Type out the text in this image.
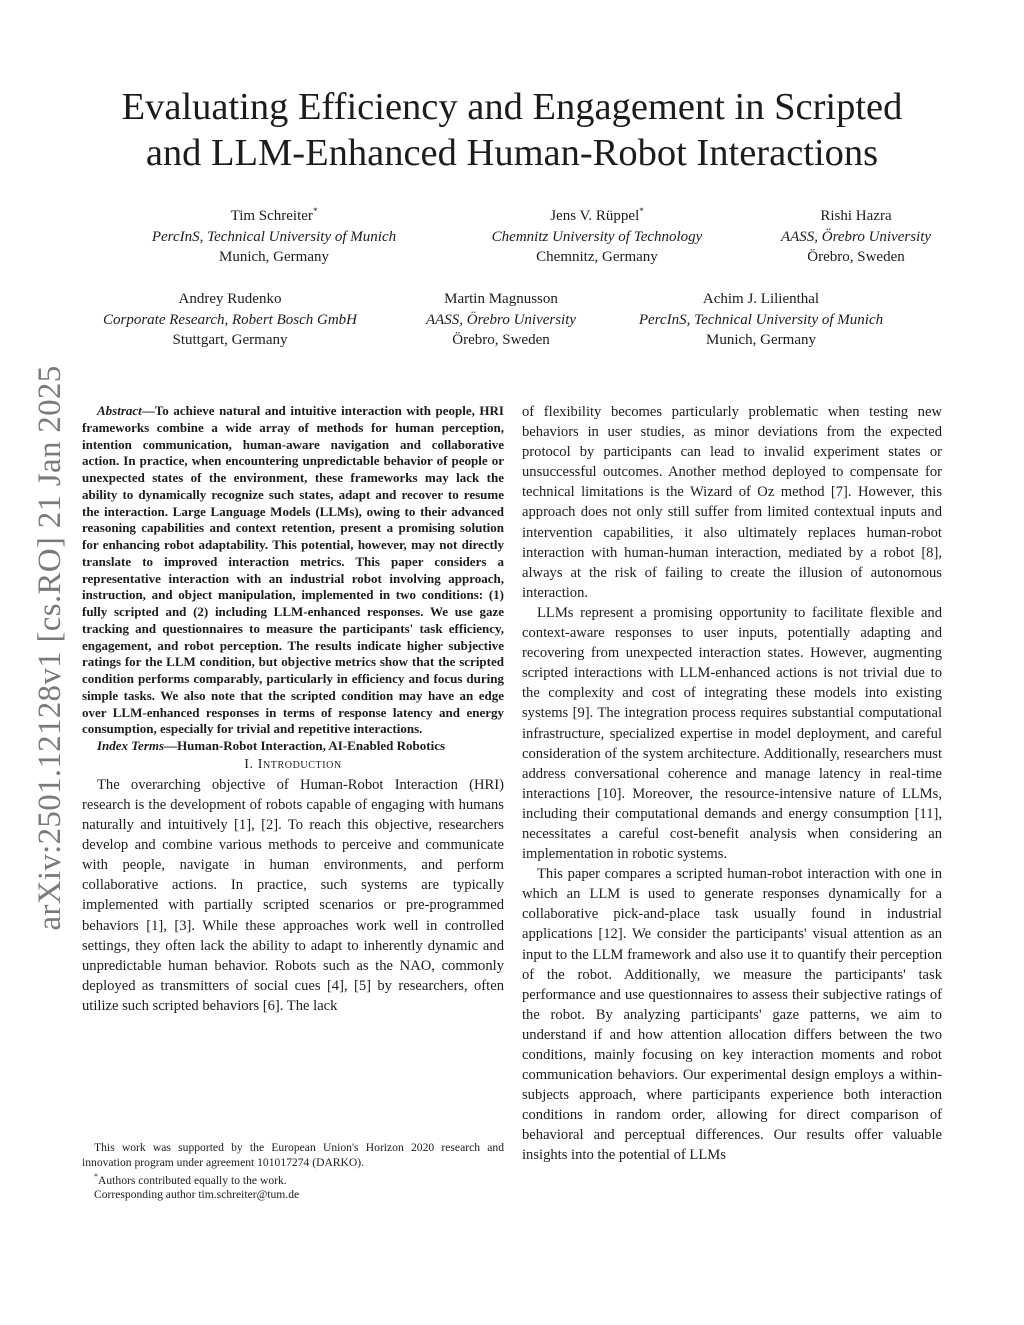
Evaluating Efficiency and Engagement in Scripted
and LLM-Enhanced Human-Robot Interactions
Tim Schreiter*
PercInS, Technical University of Munich
Munich, Germany
Jens V. Rüppel*
Chemnitz University of Technology
Chemnitz, Germany
Rishi Hazra
AASS, Örebro University
Örebro, Sweden
Andrey Rudenko
Corporate Research, Robert Bosch GmbH
Stuttgart, Germany
Martin Magnusson
AASS, Örebro University
Örebro, Sweden
Achim J. Lilienthal
PercInS, Technical University of Munich
Munich, Germany
arXiv:2501.12128v1 [cs.RO] 21 Jan 2025	Abstract—To achieve natural and intuitive interaction with people, HRI frameworks combine a wide array of methods for human perception, intention communication, human-aware navigation and collaborative action. In practice, when encountering unpredictable behavior of people or unexpected states of the environment, these frameworks may lack the ability to dynamically recognize such states, adapt and recover to resume the interaction. Large Language Models (LLMs), owing to their advanced reasoning capabilities and context retention, present a promising solution for enhancing robot adaptability. This potential, however, may not directly translate to improved interaction metrics. This paper considers a representative interaction with an industrial robot involving approach, instruction, and object manipulation, implemented in two conditions: (1) fully scripted and (2) including LLM-enhanced responses. We use gaze tracking and questionnaires to measure the participants' task efficiency, engagement, and robot perception. The results indicate higher subjective ratings for the LLM condition, but objective metrics show that the scripted condition performs comparably, particularly in efficiency and focus during simple tasks. We also note that the scripted condition may have an edge over LLM-enhanced responses in terms of response latency and energy consumption, especially for trivial and repetitive interactions.

Index Terms—Human-Robot Interaction, AI-Enabled Robotics

I. Introduction

The overarching objective of Human-Robot Interaction (HRI) research is the development of robots capable of engaging with humans naturally and intuitively [1], [2]. To reach this objective, researchers develop and combine various methods to perceive and communicate with people, navigate in human environments, and perform collaborative actions. In practice, such systems are typically implemented with partially scripted scenarios or pre-programmed behaviors [1], [3]. While these approaches work well in controlled settings, they often lack the ability to adapt to inherently dynamic and unpredictable human behavior. Robots such as the NAO, commonly deployed as transmitters of social cues [4], [5] by researchers, often utilize such scripted behaviors [6]. The lack

This work was supported by the European Union's Horizon 2020 research and innovation program under agreement 101017274 (DARKO).

*Authors contributed equally to the work.

Corresponding author tim.schreiter@tum.de

of flexibility becomes particularly problematic when testing new behaviors in user studies, as minor deviations from the expected protocol by participants can lead to invalid experiment states or unsuccessful outcomes. Another method deployed to compensate for technical limitations is the Wizard of Oz method [7]. However, this approach does not only still suffer from limited contextual inputs and intervention capabilities, it also ultimately replaces human-robot interaction with human-human interaction, mediated by a robot [8], always at the risk of failing to create the illusion of autonomous interaction.

LLMs represent a promising opportunity to facilitate flexible and context-aware responses to user inputs, potentially adapting and recovering from unexpected interaction states. However, augmenting scripted interactions with LLM-enhanced actions is not trivial due to the complexity and cost of integrating these models into existing systems [9]. The integration process requires substantial computational infrastructure, specialized expertise in model deployment, and careful consideration of the system architecture. Additionally, researchers must address conversational coherence and manage latency in real-time interactions [10]. Moreover, the resource-intensive nature of LLMs, including their computational demands and energy consumption [11], necessitates a careful cost-benefit analysis when considering an implementation in robotic systems.

This paper compares a scripted human-robot interaction with one in which an LLM is used to generate responses dynamically for a collaborative pick-and-place task usually found in industrial applications [12]. We consider the participants' visual attention as an input to the LLM framework and also use it to quantify their perception of the robot. Additionally, we measure the participants' task performance and use questionnaires to assess their subjective ratings of the robot. By analyzing participants' gaze patterns, we aim to understand if and how attention allocation differs between the two conditions, mainly focusing on key interaction moments and robot communication behaviors. Our experimental design employs a within-subjects approach, where participants experience both interaction conditions in random order, allowing for direct comparison of behavioral and perceptual differences. Our results offer valuable insights into the potential of LLMs
